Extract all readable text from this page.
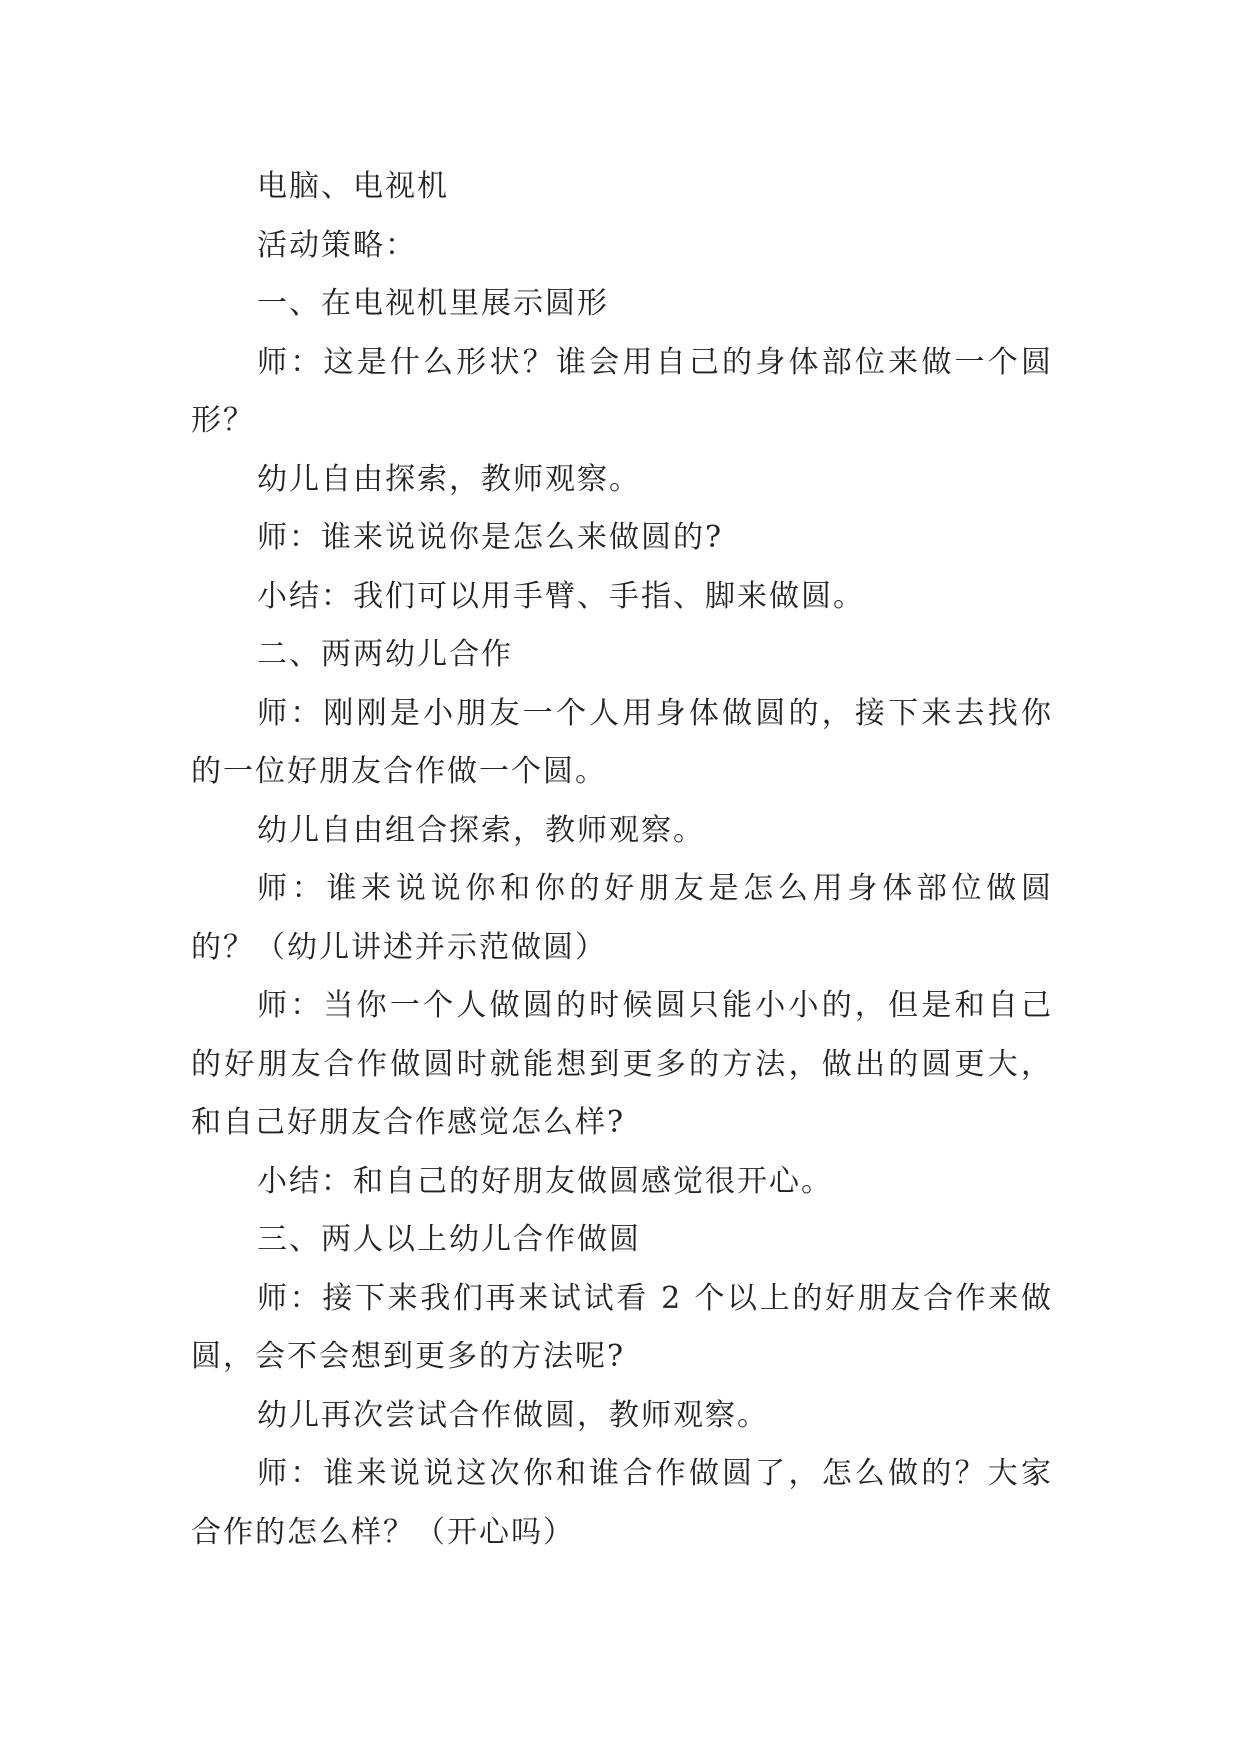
电脑、电视机

活动策略：

一、在电视机里展示圆形

师：这是什么形状？谁会用自己的身体部位来做一个圆形？

幼儿自由探索，教师观察。

师：谁来说说你是怎么来做圆的?

小结：我们可以用手臂、手指、脚来做圆。

二、两两幼儿合作

师：刚刚是小朋友一个人用身体做圆的，接下来去找你的一位好朋友合作做一个圆。

幼儿自由组合探索，教师观察。

师：谁来说说你和你的好朋友是怎么用身体部位做圆的？（幼儿讲述并示范做圆）

师：当你一个人做圆的时候圆只能小小的，但是和自己的好朋友合作做圆时就能想到更多的方法，做出的圆更大，和自己好朋友合作感觉怎么样?

小结：和自己的好朋友做圆感觉很开心。

三、两人以上幼儿合作做圆

师：接下来我们再来试试看 2 个以上的好朋友合作来做圆，会不会想到更多的方法呢?

幼儿再次尝试合作做圆，教师观察。

师：谁来说说这次你和谁合作做圆了，怎么做的？大家合作的怎么样？（开心吗）
